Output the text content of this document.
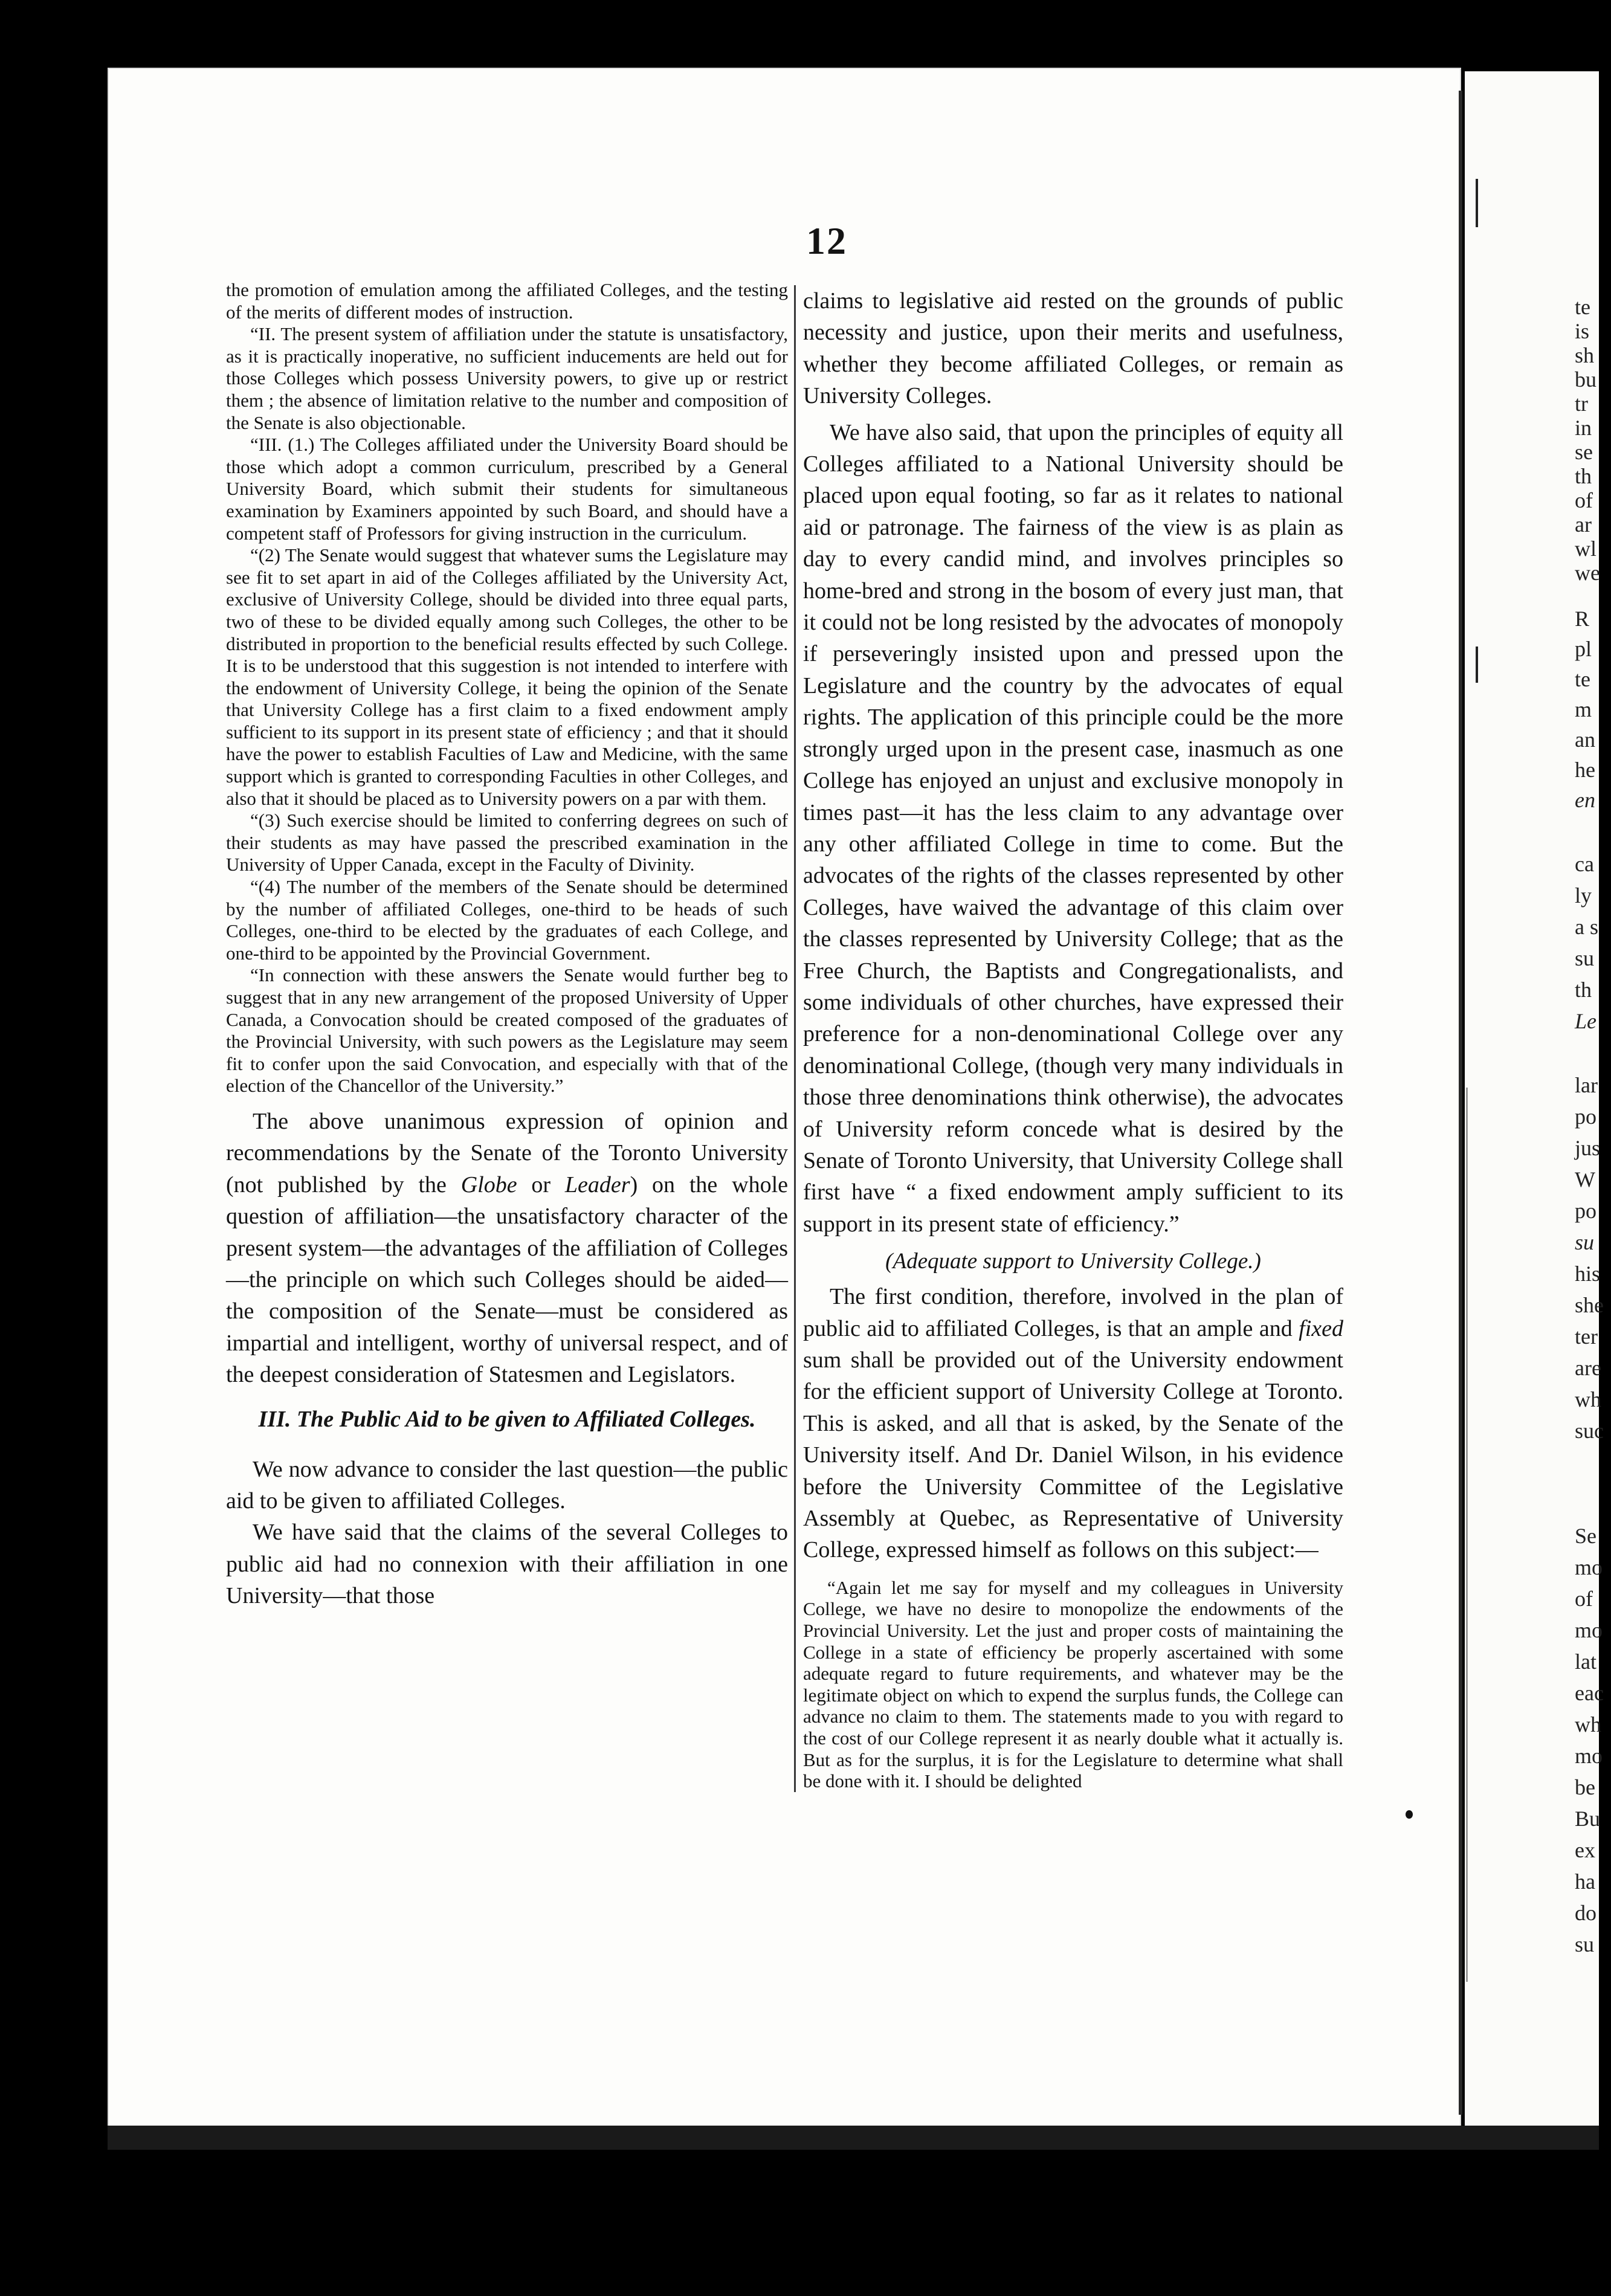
12

the promotion of emulation among the affiliated Colleges, and the testing of the merits of different modes of instruction.

“II. The present system of affiliation under the statute is unsatisfactory, as it is practically inoperative, no sufficient inducements are held out for those Colleges which possess University powers, to give up or restrict them ; the absence of limitation relative to the number and composition of the Senate is also objectionable.

“III. (1.) The Colleges affiliated under the University Board should be those which adopt a common curriculum, prescribed by a General University Board, which submit their students for simultaneous examination by Examiners appointed by such Board, and should have a competent staff of Professors for giving instruction in the curriculum.

“(2) The Senate would suggest that whatever sums the Legislature may see fit to set apart in aid of the Colleges affiliated by the University Act, exclusive of University College, should be divided into three equal parts, two of these to be divided equally among such Colleges, the other to be distributed in proportion to the beneficial results effected by such College. It is to be understood that this suggestion is not intended to interfere with the endowment of University College, it being the opinion of the Senate that University College has a first claim to a fixed endowment amply sufficient to its support in its present state of efficiency ; and that it should have the power to establish Faculties of Law and Medicine, with the same support which is granted to corresponding Faculties in other Colleges, and also that it should be placed as to University powers on a par with them.

“(3) Such exercise should be limited to conferring degrees on such of their students as may have passed the prescribed examination in the University of Upper Canada, except in the Faculty of Divinity.

“(4) The number of the members of the Senate should be determined by the number of affiliated Colleges, one-third to be heads of such Colleges, one-third to be elected by the graduates of each College, and one-third to be appointed by the Provincial Government.

“In connection with these answers the Senate would further beg to suggest that in any new arrangement of the proposed University of Upper Canada, a Convocation should be created composed of the graduates of the Provincial University, with such powers as the Legislature may seem fit to confer upon the said Convocation, and especially with that of the election of the Chancellor of the University.”

The above unanimous expression of opinion and recommendations by the Senate of the Toronto University (not published by the Globe or Leader) on the whole question of affiliation—the unsatisfactory character of the present system—the advantages of the affiliation of Colleges—the principle on which such Colleges should be aided—the composition of the Senate—must be considered as impartial and intelligent, worthy of universal respect, and of the deepest consideration of Statesmen and Legislators.

III. The Public Aid to be given to Affiliated Colleges.

We now advance to consider the last question—the public aid to be given to affiliated Colleges.

We have said that the claims of the several Colleges to public aid had no connexion with their affiliation in one University—that those

claims to legislative aid rested on the grounds of public necessity and justice, upon their merits and usefulness, whether they become affiliated Colleges, or remain as University Colleges.

We have also said, that upon the principles of equity all Colleges affiliated to a National University should be placed upon equal footing, so far as it relates to national aid or patronage. The fairness of the view is as plain as day to every candid mind, and involves principles so home-bred and strong in the bosom of every just man, that it could not be long resisted by the advocates of monopoly if perseveringly insisted upon and pressed upon the Legislature and the country by the advocates of equal rights. The application of this principle could be the more strongly urged upon in the present case, inasmuch as one College has enjoyed an unjust and exclusive monopoly in times past—it has the less claim to any advantage over any other affiliated College in time to come. But the advocates of the rights of the classes represented by other Colleges, have waived the advantage of this claim over the classes represented by University College; that as the Free Church, the Baptists and Congregationalists, and some individuals of other churches, have expressed their preference for a non-denominational College over any denominational College, (though very many individuals in those three denominations think otherwise), the advocates of University reform concede what is desired by the Senate of Toronto University, that University College shall first have “ a fixed endowment amply sufficient to its support in its present state of efficiency.”

(Adequate support to University College.)

The first condition, therefore, involved in the plan of public aid to affiliated Colleges, is that an ample and fixed sum shall be provided out of the University endowment for the efficient support of University College at Toronto. This is asked, and all that is asked, by the Senate of the University itself. And Dr. Daniel Wilson, in his evidence before the University Committee of the Legislative Assembly at Quebec, as Representative of University College, expressed himself as follows on this subject:—

“Again let me say for myself and my colleagues in University College, we have no desire to monopolize the endowments of the Provincial University. Let the just and proper costs of maintaining the College in a state of efficiency be properly ascertained with some adequate regard to future requirements, and whatever may be the legitimate object on which to expend the surplus funds, the College can advance no claim to them. The statements made to you with regard to the cost of our College represent it as nearly double what it actually is. But as for the surplus, it is for the Legislature to determine what shall be done with it. I should be delighted

te
is
sh
bu
tr
in
se
th
of
ar
wl
we
R
pl
te
m
an
he
en
ca
ly
a s
su
th
Le
lar
po
jus
W
po
su
his
she
ter
are
wh
suc
Se
mo
of
mo
lat
eac
wh
mo
be
Bu
ex
ha
do
su
